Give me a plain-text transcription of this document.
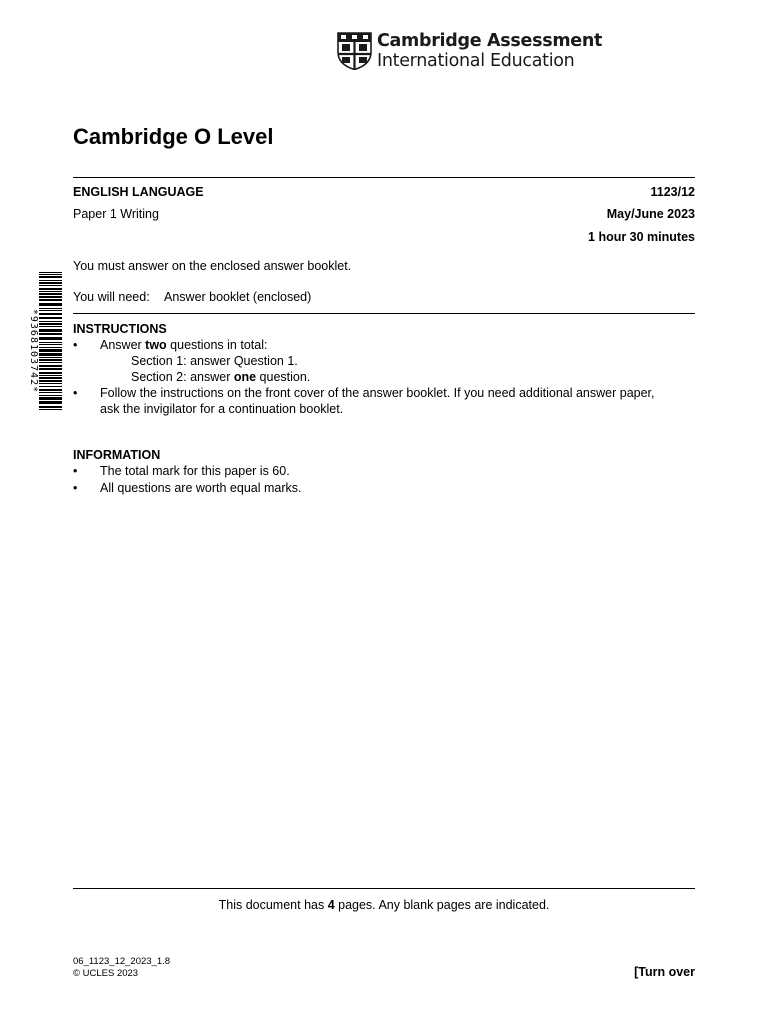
Cambridge Assessment
International Education
Cambridge O Level
ENGLISH LANGUAGE	1123/12
Paper 1 Writing	May/June 2023
1 hour 30 minutes
You must answer on the enclosed answer booklet.
You will need: Answer booklet (enclosed)
*9368103742*	INSTRUCTIONS
• Answer two questions in total:
Section 1: answer Question 1.
Section 2: answer one question.
• Follow the instructions on the front cover of the answer booklet. If you need additional answer paper,
ask the invigilator for a continuation booklet.
INFORMATION
• The total mark for this paper is 60.
• All questions are worth equal marks.
This document has 4 pages. Any blank pages are indicated.
06_1123_12_2023_1.8
© UCLES 2023	[Turn over
